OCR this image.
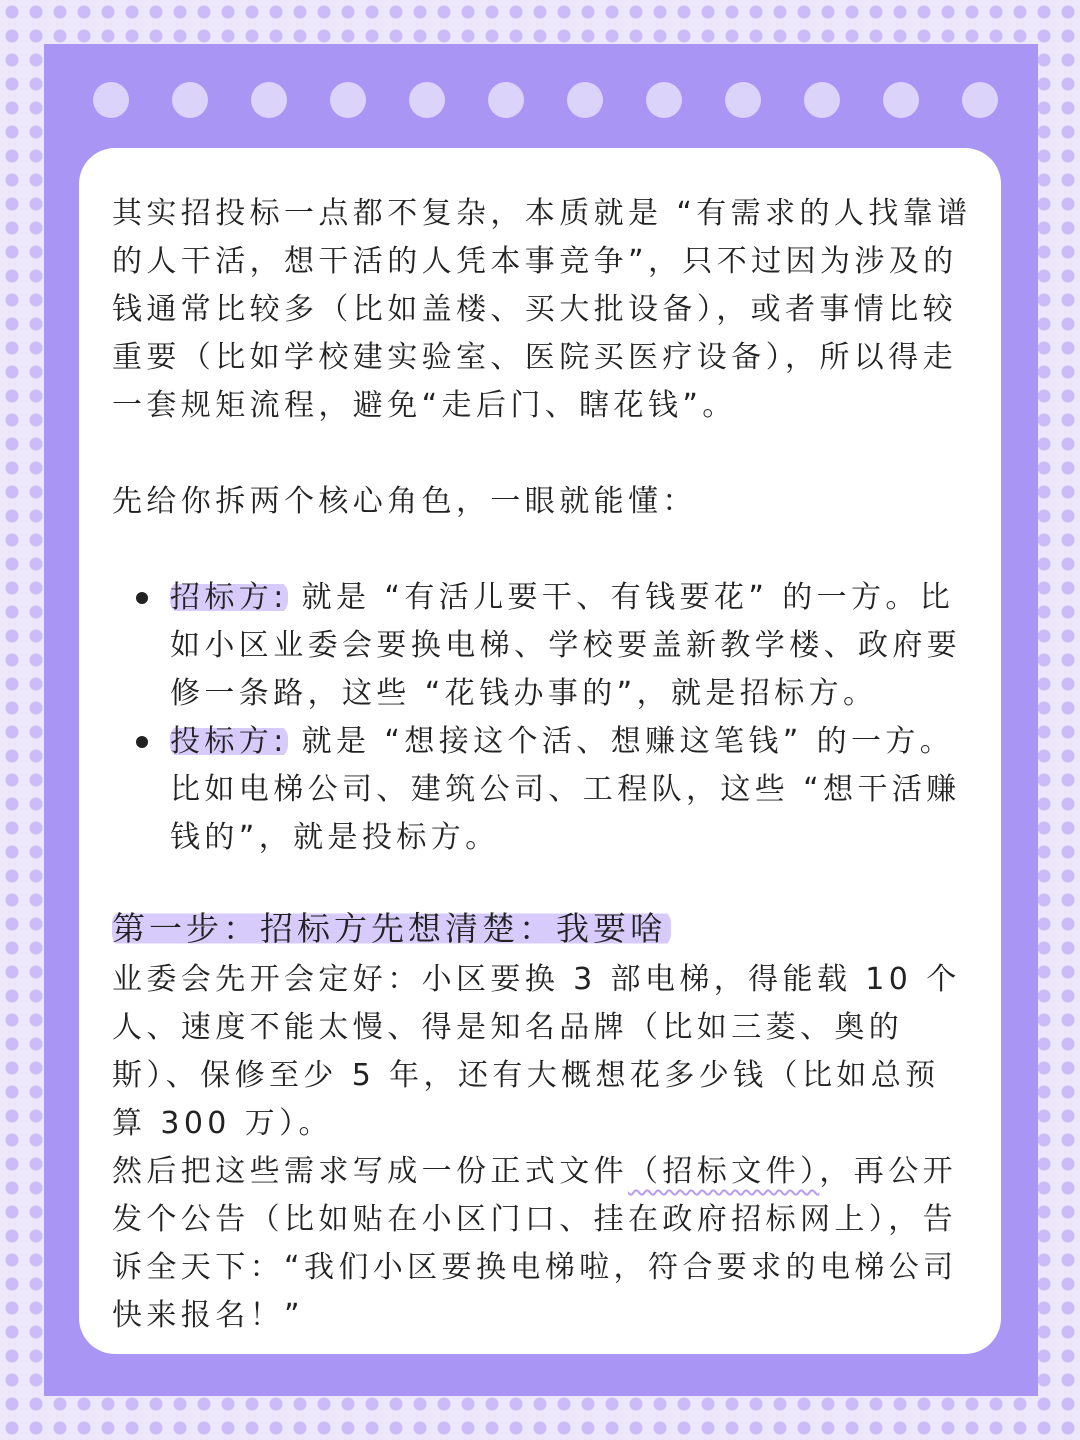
其实招投标一点都不复杂，本质就是 “有需求的人找靠谱的人干活，想干活的人凭本事竞争”，只不过因为涉及的钱通常比较多（比如盖楼、买大批设备），或者事情比较重要（比如学校建实验室、医院买医疗设备），所以得走一套规矩流程，避免“走后门、瞎花钱”。

先给你拆两个核心角色，一眼就能懂：

招标方: 就是 “有活儿要干、有钱要花” 的一方。比如小区业委会要换电梯、学校要盖新教学楼、政府要修一条路，这些 “花钱办事的”，就是招标方。
投标方: 就是 “想接这个活、想赚这笔钱” 的一方。比如电梯公司、建筑公司、工程队，这些 “想干活赚钱的”，就是投标方。
第一步：招标方先想清楚：我要啥

业委会先开会定好：小区要换 3 部电梯，得能载 10 个人、速度不能太慢、得是知名品牌（比如三菱、奥的斯）、保修至少 5 年，还有大概想花多少钱（比如总预算 300 万）。

然后把这些需求写成一份正式文件（招标文件），再公开发个公告（比如贴在小区门口、挂在政府招标网上），告诉全天下：“我们小区要换电梯啦，符合要求的电梯公司快来报名！”
